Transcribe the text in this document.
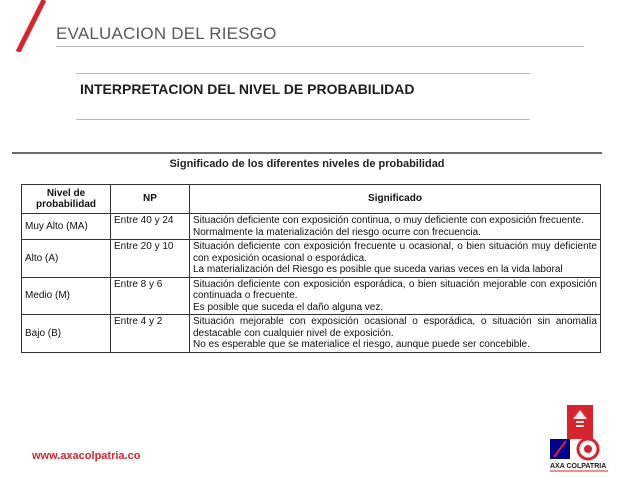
EVALUACION DEL RIESGO
INTERPRETACION DEL NIVEL DE PROBABILIDAD
Significado de los diferentes niveles de probabilidad
Nivel de probabilidad	NP	Significado
Muy Alto (MA)	Entre 40 y 24	Situación deficiente con exposición continua, o muy deficiente con exposición frecuente.
Normalmente la materialización del riesgo ocurre con frecuencia.

Alto (A)	Entre 20 y 10	Situación deficiente con exposición frecuente u ocasional, o bien situación muy deficiente con exposición ocasional o esporádica.
La materialización del Riesgo es posible que suceda varias veces en la vida laboral

Medio (M)	Entre 8 y 6	Situación deficiente con exposición esporádica, o bien situación mejorable con exposición continuada o frecuente.
Es posible que suceda el daño alguna vez.

Bajo (B)	Entre 4 y 2	Situación mejorable con exposición ocasional o esporádica, o situación sin anomalía destacable con cualquier nivel de exposición.
No es esperable que se materialice el riesgo, aunque puede ser concebible.
www.axacolpatria.co
AXA COLPATRIA
